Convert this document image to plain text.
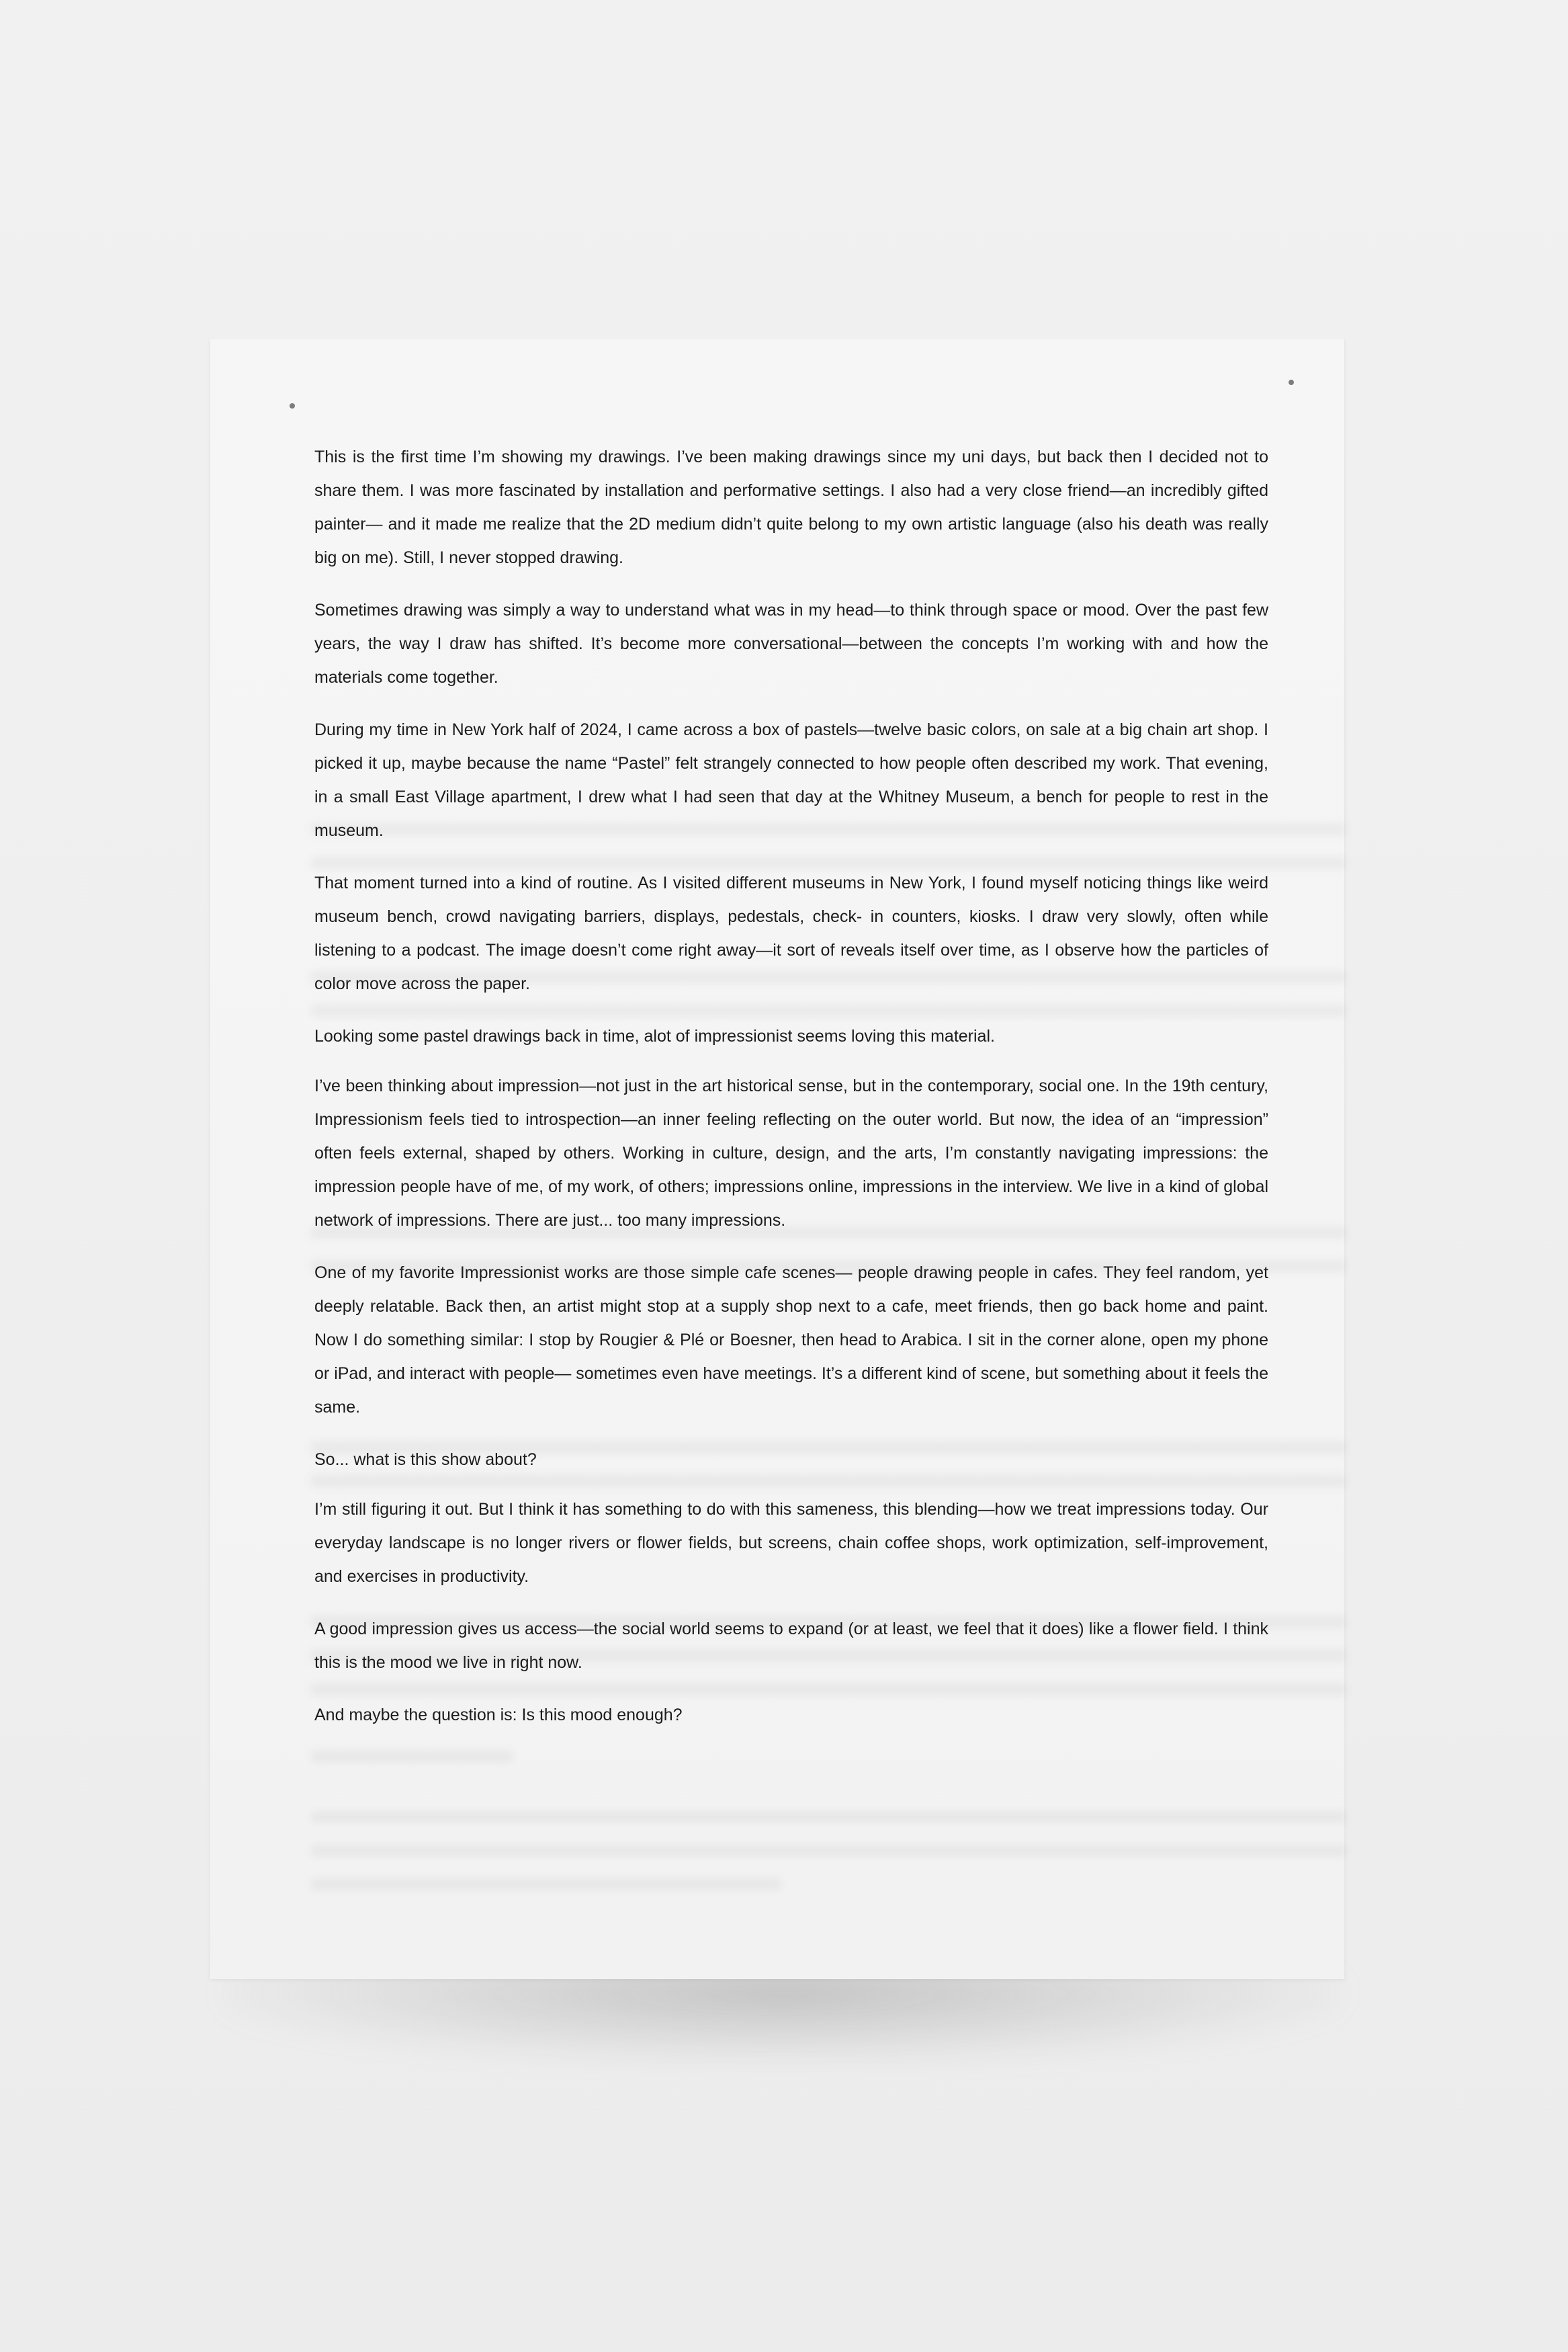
This is the first time I’m showing my drawings. I’ve been making drawings since my uni days, but back then I decided not to share them. I was more fascinated by installation and performative settings. I also had a very close friend—an incredibly gifted painter— and it made me realize that the 2D medium didn’t quite belong to my own artistic language (also his death was really big on me). Still, I never stopped drawing.

Sometimes drawing was simply a way to understand what was in my head—to think through space or mood. Over the past few years, the way I draw has shifted. It’s become more conversational—between the concepts I’m working with and how the materials come together.

During my time in New York half of 2024, I came across a box of pastels—twelve basic colors, on sale at a big chain art shop. I picked it up, maybe because the name “Pastel” felt strangely connected to how people often described my work. That evening, in a small East Village apartment, I drew what I had seen that day at the Whitney Museum, a bench for people to rest in the museum.

That moment turned into a kind of routine. As I visited different museums in New York, I found myself noticing things like weird museum bench, crowd navigating barriers, displays, pedestals, check- in counters, kiosks. I draw very slowly, often while listening to a podcast. The image doesn’t come right away—it sort of reveals itself over time, as I observe how the particles of color move across the paper.

Looking some pastel drawings back in time, alot of impressionist seems loving this material.

I’ve been thinking about impression—not just in the art historical sense, but in the contemporary, social one. In the 19th century, Impressionism feels tied to introspection—an inner feeling reflecting on the outer world. But now, the idea of an “impression” often feels external, shaped by others. Working in culture, design, and the arts, I’m constantly navigating impressions: the impression people have of me, of my work, of others; impressions online, impressions in the interview. We live in a kind of global network of impressions. There are just... too many impressions.

One of my favorite Impressionist works are those simple cafe scenes— people drawing people in cafes. They feel random, yet deeply relatable. Back then, an artist might stop at a supply shop next to a cafe, meet friends, then go back home and paint. Now I do something similar: I stop by Rougier & Plé or Boesner, then head to Arabica. I sit in the corner alone, open my phone or iPad, and interact with people— sometimes even have meetings. It’s a different kind of scene, but something about it feels the same.

So... what is this show about?

I’m still figuring it out. But I think it has something to do with this sameness, this blending—how we treat impressions today. Our everyday landscape is no longer rivers or flower fields, but screens, chain coffee shops, work optimization, self-improvement, and exercises in productivity.

A good impression gives us access—the social world seems to expand (or at least, we feel that it does) like a flower field. I think this is the mood we live in right now.

And maybe the question is: Is this mood enough?
